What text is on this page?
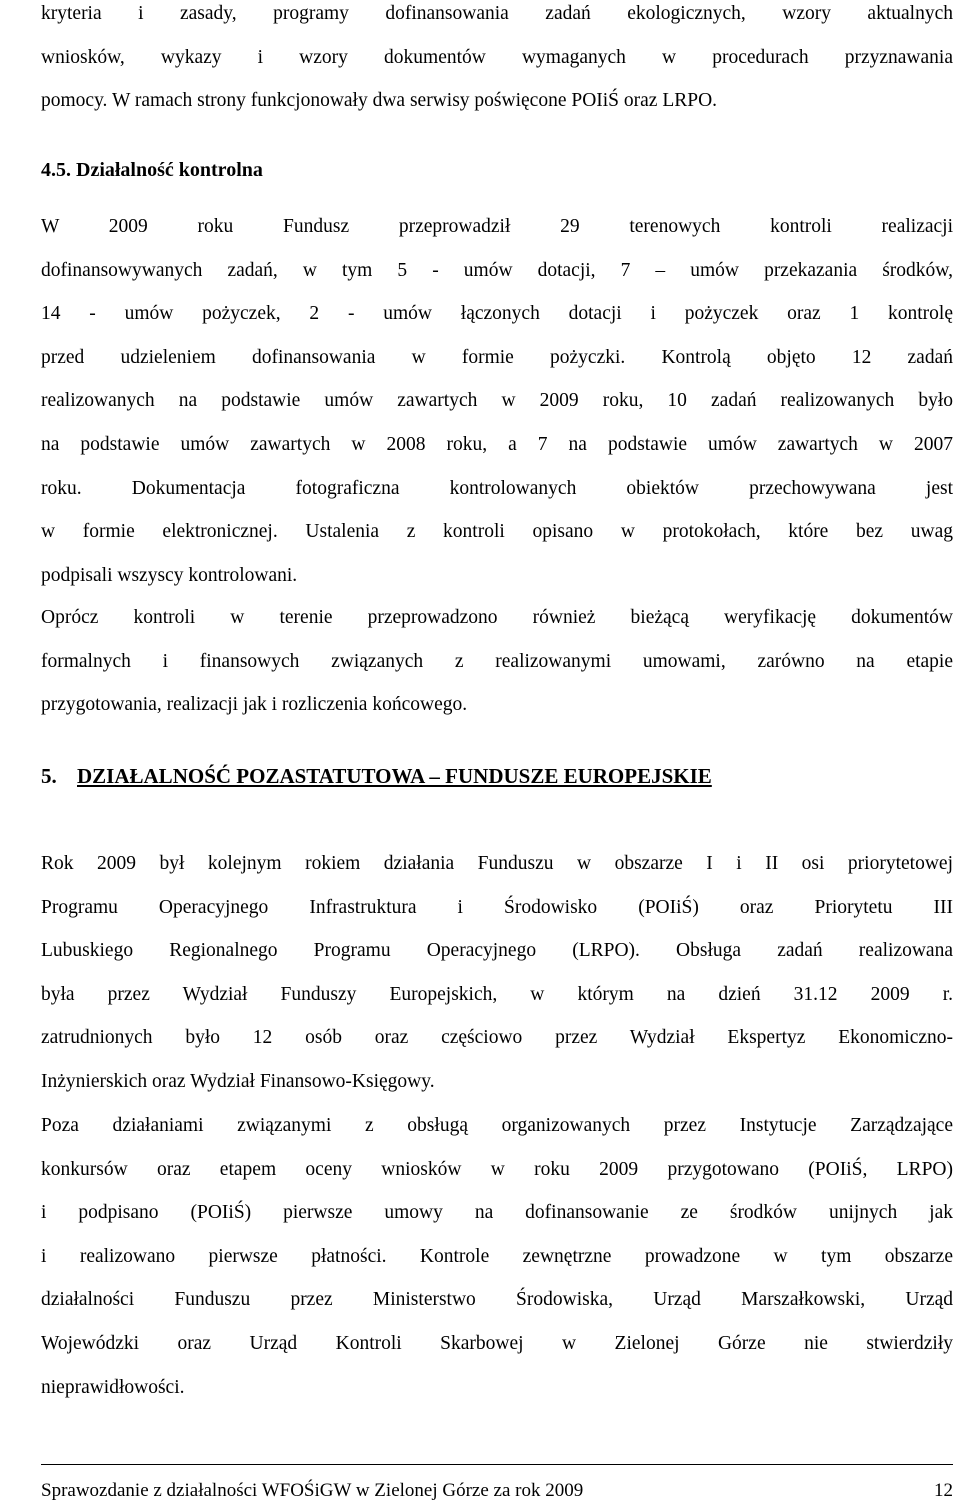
kryteria i zasady, programy dofinansowania zadań ekologicznych, wzory aktualnych
wniosków, wykazy i wzory dokumentów wymaganych w procedurach przyznawania
pomocy. W ramach strony funkcjonowały dwa serwisy poświęcone POIiŚ oraz LRPO.

4.5. Działalność kontrolna

W 2009 roku Fundusz przeprowadził 29 terenowych kontroli realizacji
dofinansowywanych zadań, w tym 5 - umów dotacji, 7 – umów przekazania środków,
14 - umów pożyczek, 2 - umów łączonych dotacji i pożyczek oraz 1 kontrolę
przed udzieleniem dofinansowania w formie pożyczki. Kontrolą objęto 12 zadań
realizowanych na podstawie umów zawartych w 2009 roku, 10 zadań realizowanych było
na podstawie umów zawartych w 2008 roku, a 7 na podstawie umów zawartych w 2007
roku. Dokumentacja fotograficzna kontrolowanych obiektów przechowywana jest
w formie elektronicznej. Ustalenia z kontroli opisano w protokołach, które bez uwag
podpisali wszyscy kontrolowani.

Oprócz kontroli w terenie przeprowadzono również bieżącą weryfikację dokumentów
formalnych i finansowych związanych z realizowanymi umowami, zarówno na etapie
przygotowania, realizacji jak i rozliczenia końcowego.

5. DZIAŁALNOŚĆ POZASTATUTOWA – FUNDUSZE EUROPEJSKIE

Rok 2009 był kolejnym rokiem działania Funduszu w obszarze I i II osi priorytetowej
Programu Operacyjnego Infrastruktura i Środowisko (POIiŚ) oraz Priorytetu III
Lubuskiego Regionalnego Programu Operacyjnego (LRPO). Obsługa zadań realizowana
była przez Wydział Funduszy Europejskich, w którym na dzień 31.12 2009 r.
zatrudnionych było 12 osób oraz częściowo przez Wydział Ekspertyz Ekonomiczno-
Inżynierskich oraz Wydział Finansowo-Księgowy.

Poza działaniami związanymi z obsługą organizowanych przez Instytucje Zarządzające
konkursów oraz etapem oceny wniosków w roku 2009 przygotowano (POIiŚ, LRPO)
i podpisano (POIiŚ) pierwsze umowy na dofinansowanie ze środków unijnych jak
i realizowano pierwsze płatności. Kontrole zewnętrzne prowadzone w tym obszarze
działalności Funduszu przez Ministerstwo Środowiska, Urząd Marszałkowski, Urząd
Wojewódzki oraz Urząd Kontroli Skarbowej w Zielonej Górze nie stwierdziły
nieprawidłowości.

Sprawozdanie z działalności WFOŚiGW w Zielonej Górze za rok 2009	12
